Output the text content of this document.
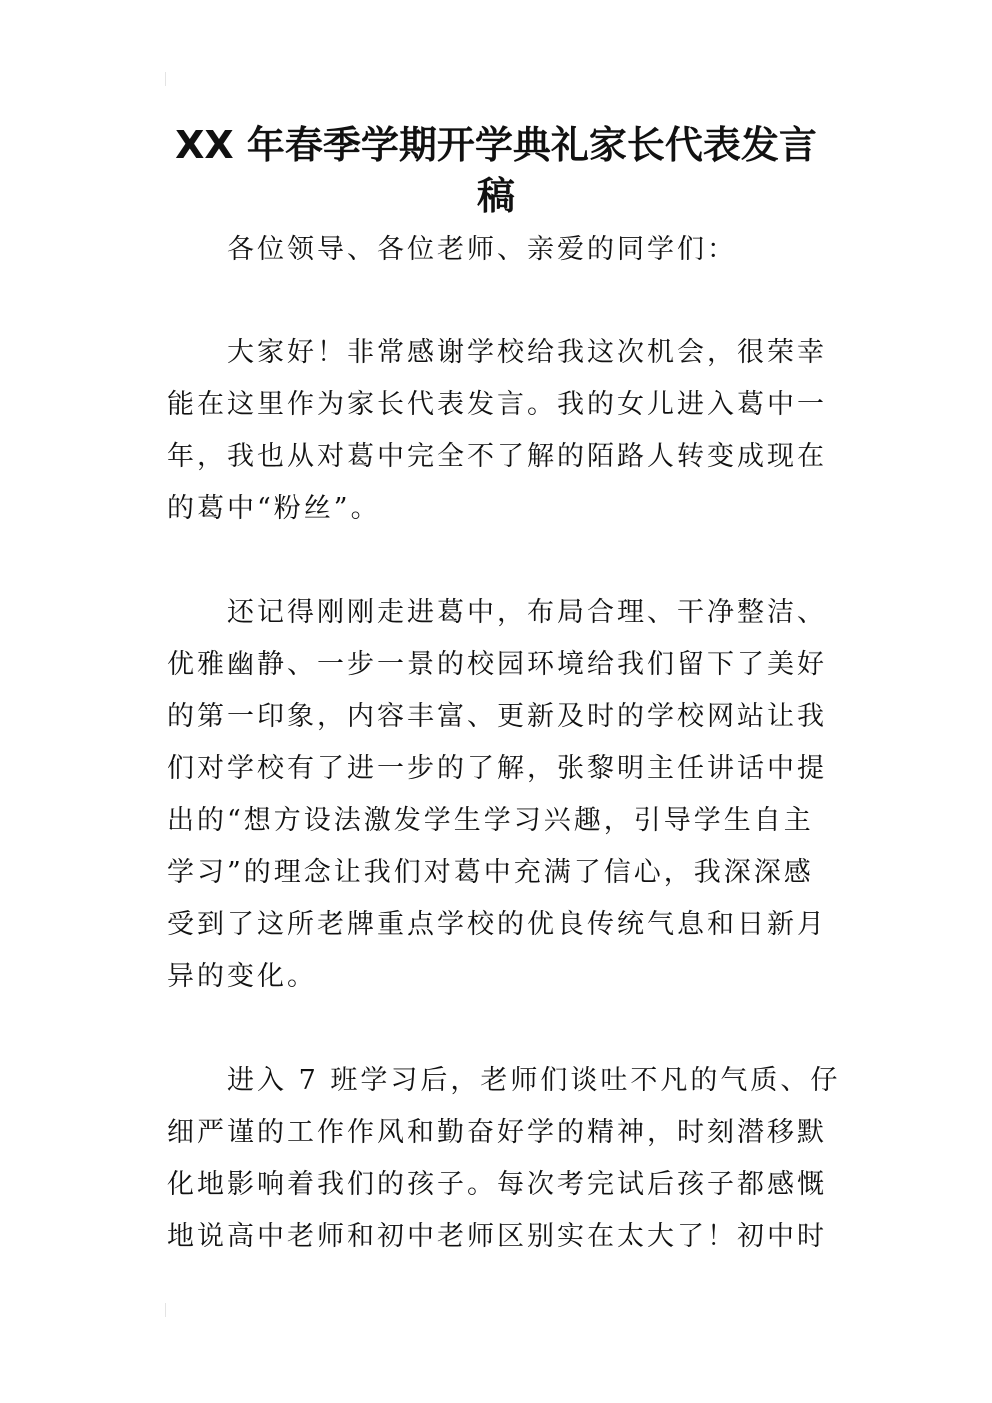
XX 年春季学期开学典礼家长代表发言
稿
各位领导、各位老师、亲爱的同学们：
大家好！非常感谢学校给我这次机会，很荣幸
能在这里作为家长代表发言。我的女儿进入葛中一
年，我也从对葛中完全不了解的陌路人转变成现在
的葛中“粉丝”。
还记得刚刚走进葛中，布局合理、干净整洁、
优雅幽静、一步一景的校园环境给我们留下了美好
的第一印象，内容丰富、更新及时的学校网站让我
们对学校有了进一步的了解，张黎明主任讲话中提
出的“想方设法激发学生学习兴趣，引导学生自主
学习”的理念让我们对葛中充满了信心，我深深感
受到了这所老牌重点学校的优良传统气息和日新月
异的变化。
进入 7 班学习后，老师们谈吐不凡的气质、仔
细严谨的工作作风和勤奋好学的精神，时刻潜移默
化地影响着我们的孩子。每次考完试后孩子都感慨
地说高中老师和初中老师区别实在太大了！初中时
